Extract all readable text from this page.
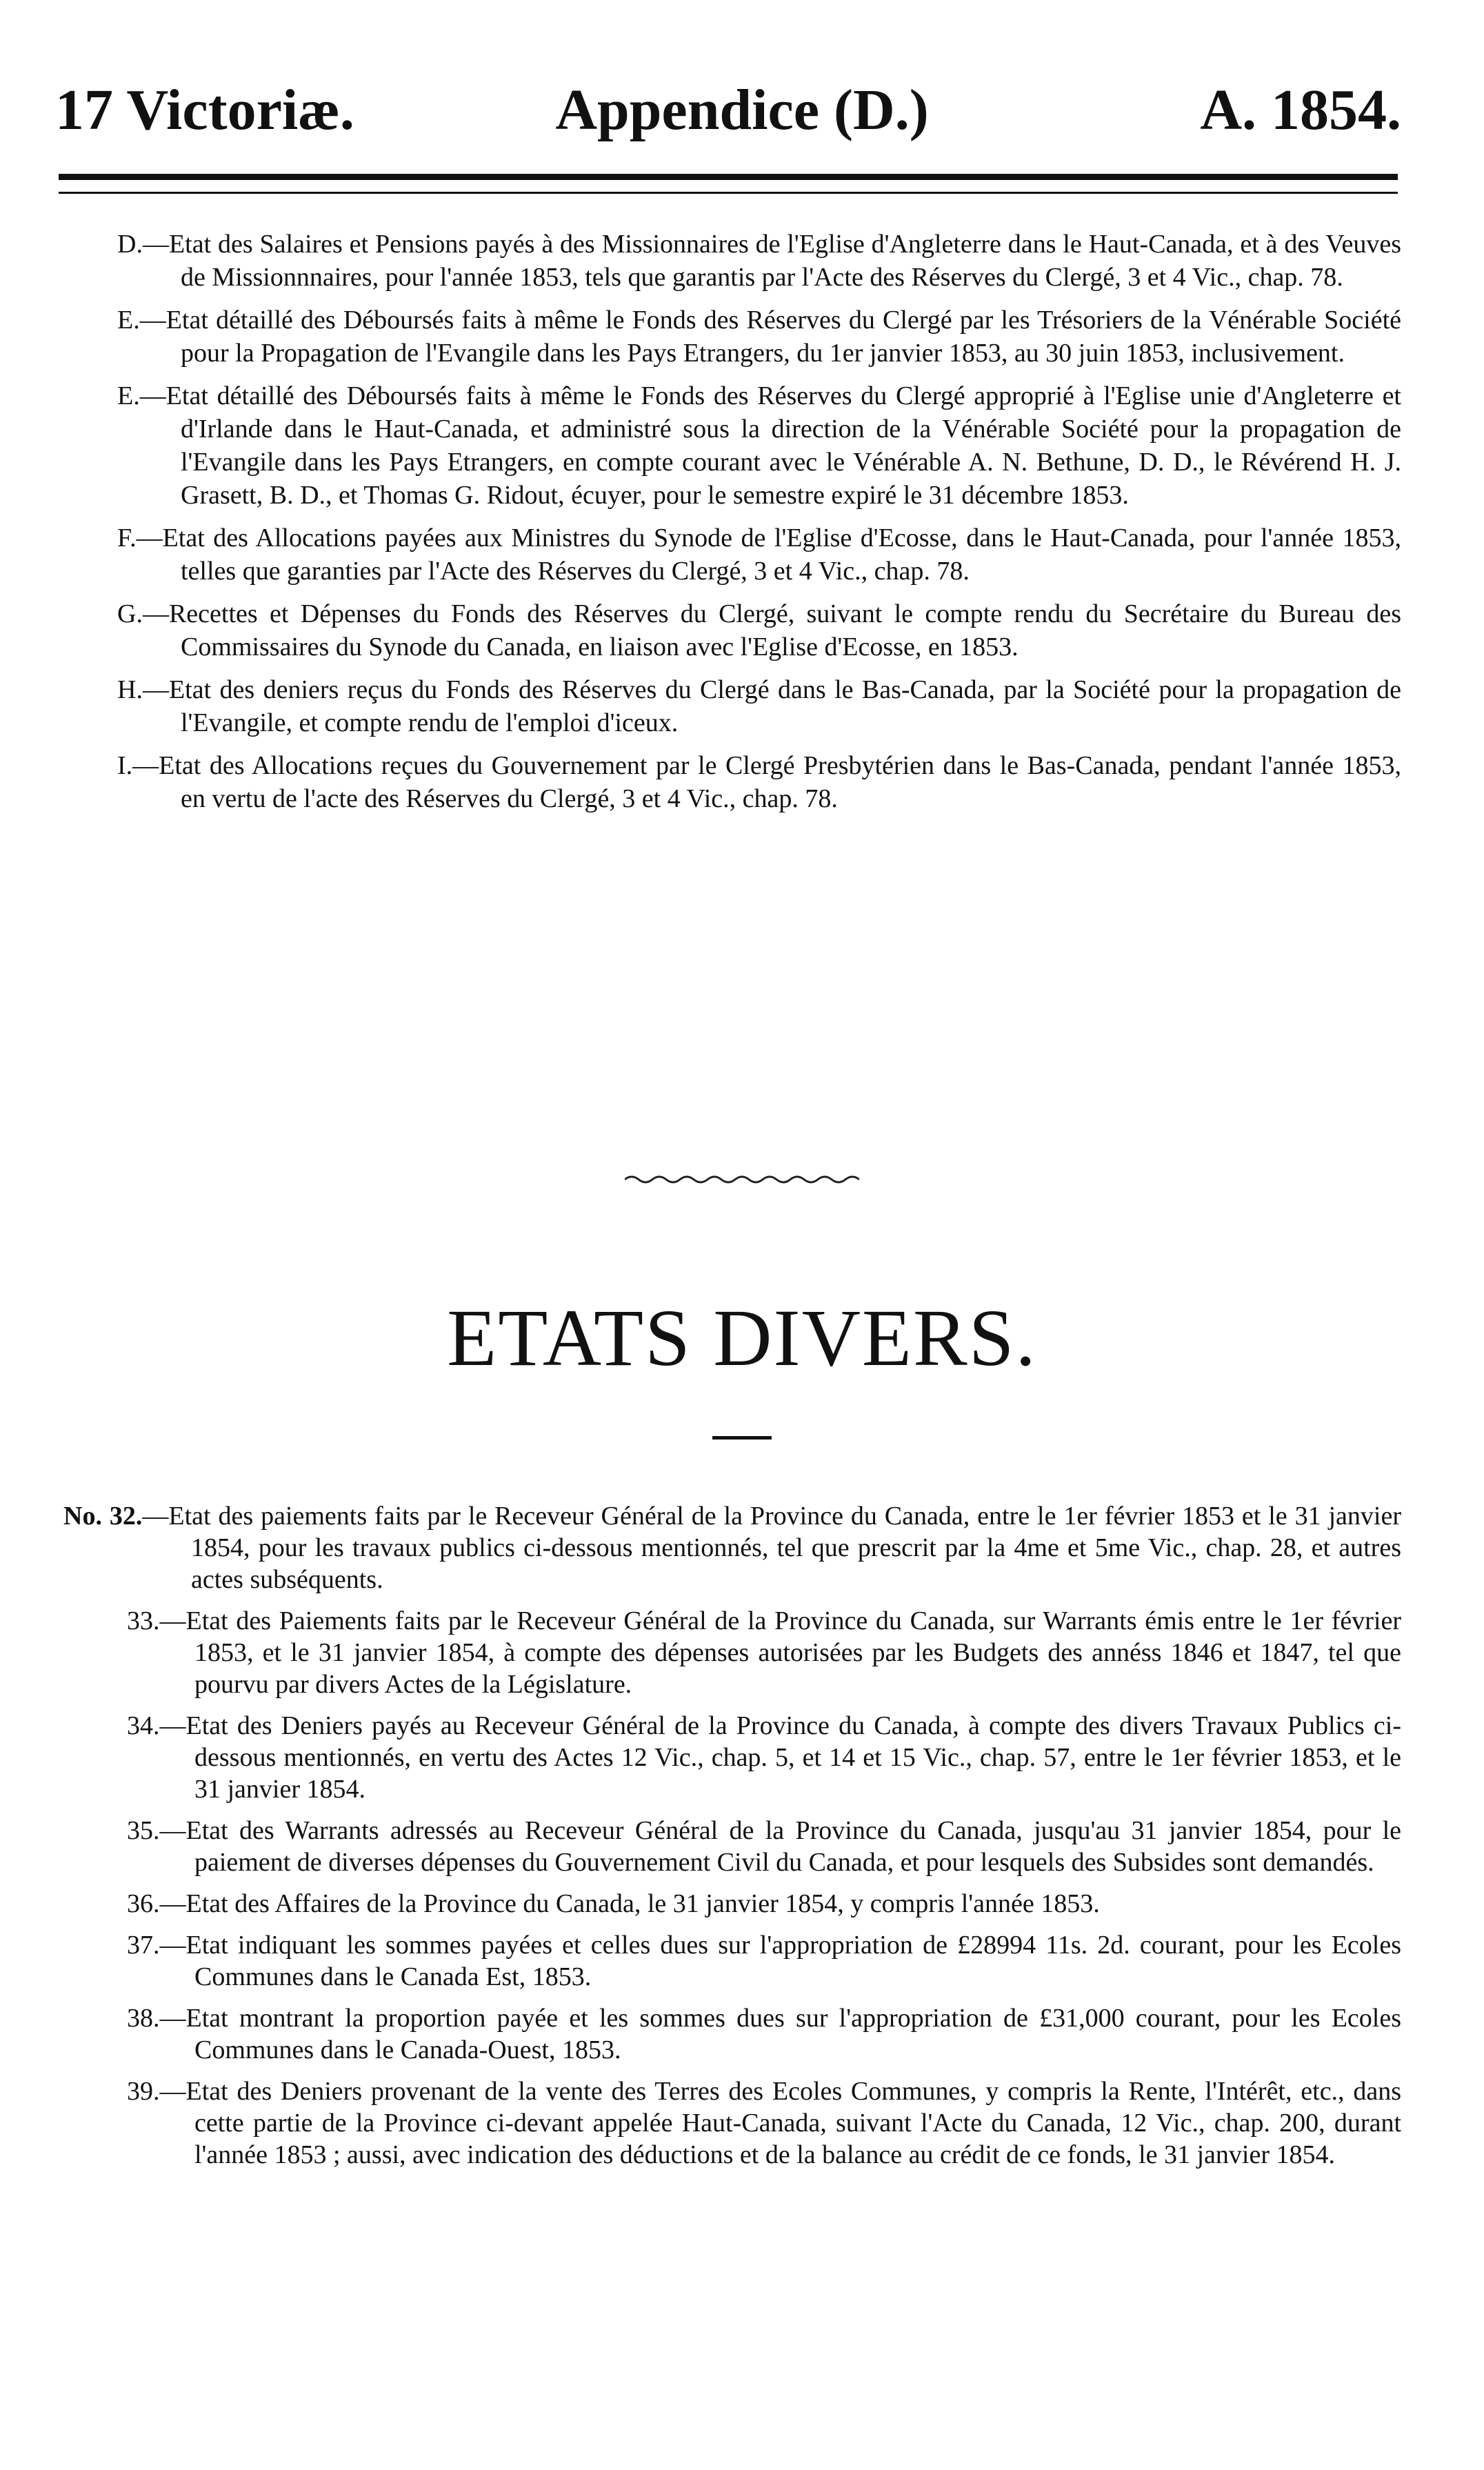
17 Victoriæ.	Appendice (D.)	A. 1854.

D.—Etat des Salaires et Pensions payés à des Missionnaires de l'Eglise d'Angleterre dans le Haut-Canada, et à des Veuves de Missionnnaires, pour l'année 1853, tels que garantis par l'Acte des Réserves du Clergé, 3 et 4 Vic., chap. 78.

E.—Etat détaillé des Déboursés faits à même le Fonds des Réserves du Clergé par les Trésoriers de la Vénérable Société pour la Propagation de l'Evangile dans les Pays Etrangers, du 1er janvier 1853, au 30 juin 1853, inclusivement.

E.—Etat détaillé des Déboursés faits à même le Fonds des Réserves du Clergé approprié à l'Eglise unie d'Angleterre et d'Irlande dans le Haut-Canada, et administré sous la direction de la Vénérable Société pour la propagation de l'Evangile dans les Pays Etrangers, en compte courant avec le Vénérable A. N. Bethune, D. D., le Révérend H. J. Grasett, B. D., et Thomas G. Ridout, écuyer, pour le semestre expiré le 31 décembre 1853.

F.—Etat des Allocations payées aux Ministres du Synode de l'Eglise d'Ecosse, dans le Haut-Canada, pour l'année 1853, telles que garanties par l'Acte des Réserves du Clergé, 3 et 4 Vic., chap. 78.

G.—Recettes et Dépenses du Fonds des Réserves du Clergé, suivant le compte rendu du Secrétaire du Bureau des Commissaires du Synode du Canada, en liaison avec l'Eglise d'Ecosse, en 1853.

H.—Etat des deniers reçus du Fonds des Réserves du Clergé dans le Bas-Canada, par la Société pour la propagation de l'Evangile, et compte rendu de l'emploi d'iceux.

I.—Etat des Allocations reçues du Gouvernement par le Clergé Presbytérien dans le Bas-Canada, pendant l'année 1853, en vertu de l'acte des Réserves du Clergé, 3 et 4 Vic., chap. 78.

ETATS DIVERS.

No. 32.—Etat des paiements faits par le Receveur Général de la Province du Canada, entre le 1er février 1853 et le 31 janvier 1854, pour les travaux publics ci-dessous mentionnés, tel que prescrit par la 4me et 5me Vic., chap. 28, et autres actes subséquents.

33.—Etat des Paiements faits par le Receveur Général de la Province du Canada, sur Warrants émis entre le 1er février 1853, et le 31 janvier 1854, à compte des dépenses autorisées par les Budgets des annéss 1846 et 1847, tel que pourvu par divers Actes de la Législature.

34.—Etat des Deniers payés au Receveur Général de la Province du Canada, à compte des divers Travaux Publics ci-dessous mentionnés, en vertu des Actes 12 Vic., chap. 5, et 14 et 15 Vic., chap. 57, entre le 1er février 1853, et le 31 janvier 1854.

35.—Etat des Warrants adressés au Receveur Général de la Province du Canada, jusqu'au 31 janvier 1854, pour le paiement de diverses dépenses du Gouvernement Civil du Canada, et pour lesquels des Subsides sont demandés.

36.—Etat des Affaires de la Province du Canada, le 31 janvier 1854, y compris l'année 1853.

37.—Etat indiquant les sommes payées et celles dues sur l'appropriation de £28994 11s. 2d. courant, pour les Ecoles Communes dans le Canada Est, 1853.

38.—Etat montrant la proportion payée et les sommes dues sur l'appropriation de £31,000 courant, pour les Ecoles Communes dans le Canada-Ouest, 1853.

39.—Etat des Deniers provenant de la vente des Terres des Ecoles Communes, y compris la Rente, l'Intérêt, etc., dans cette partie de la Province ci-devant appelée Haut-Canada, suivant l'Acte du Canada, 12 Vic., chap. 200, durant l'année 1853 ; aussi, avec indication des déductions et de la balance au crédit de ce fonds, le 31 janvier 1854.
